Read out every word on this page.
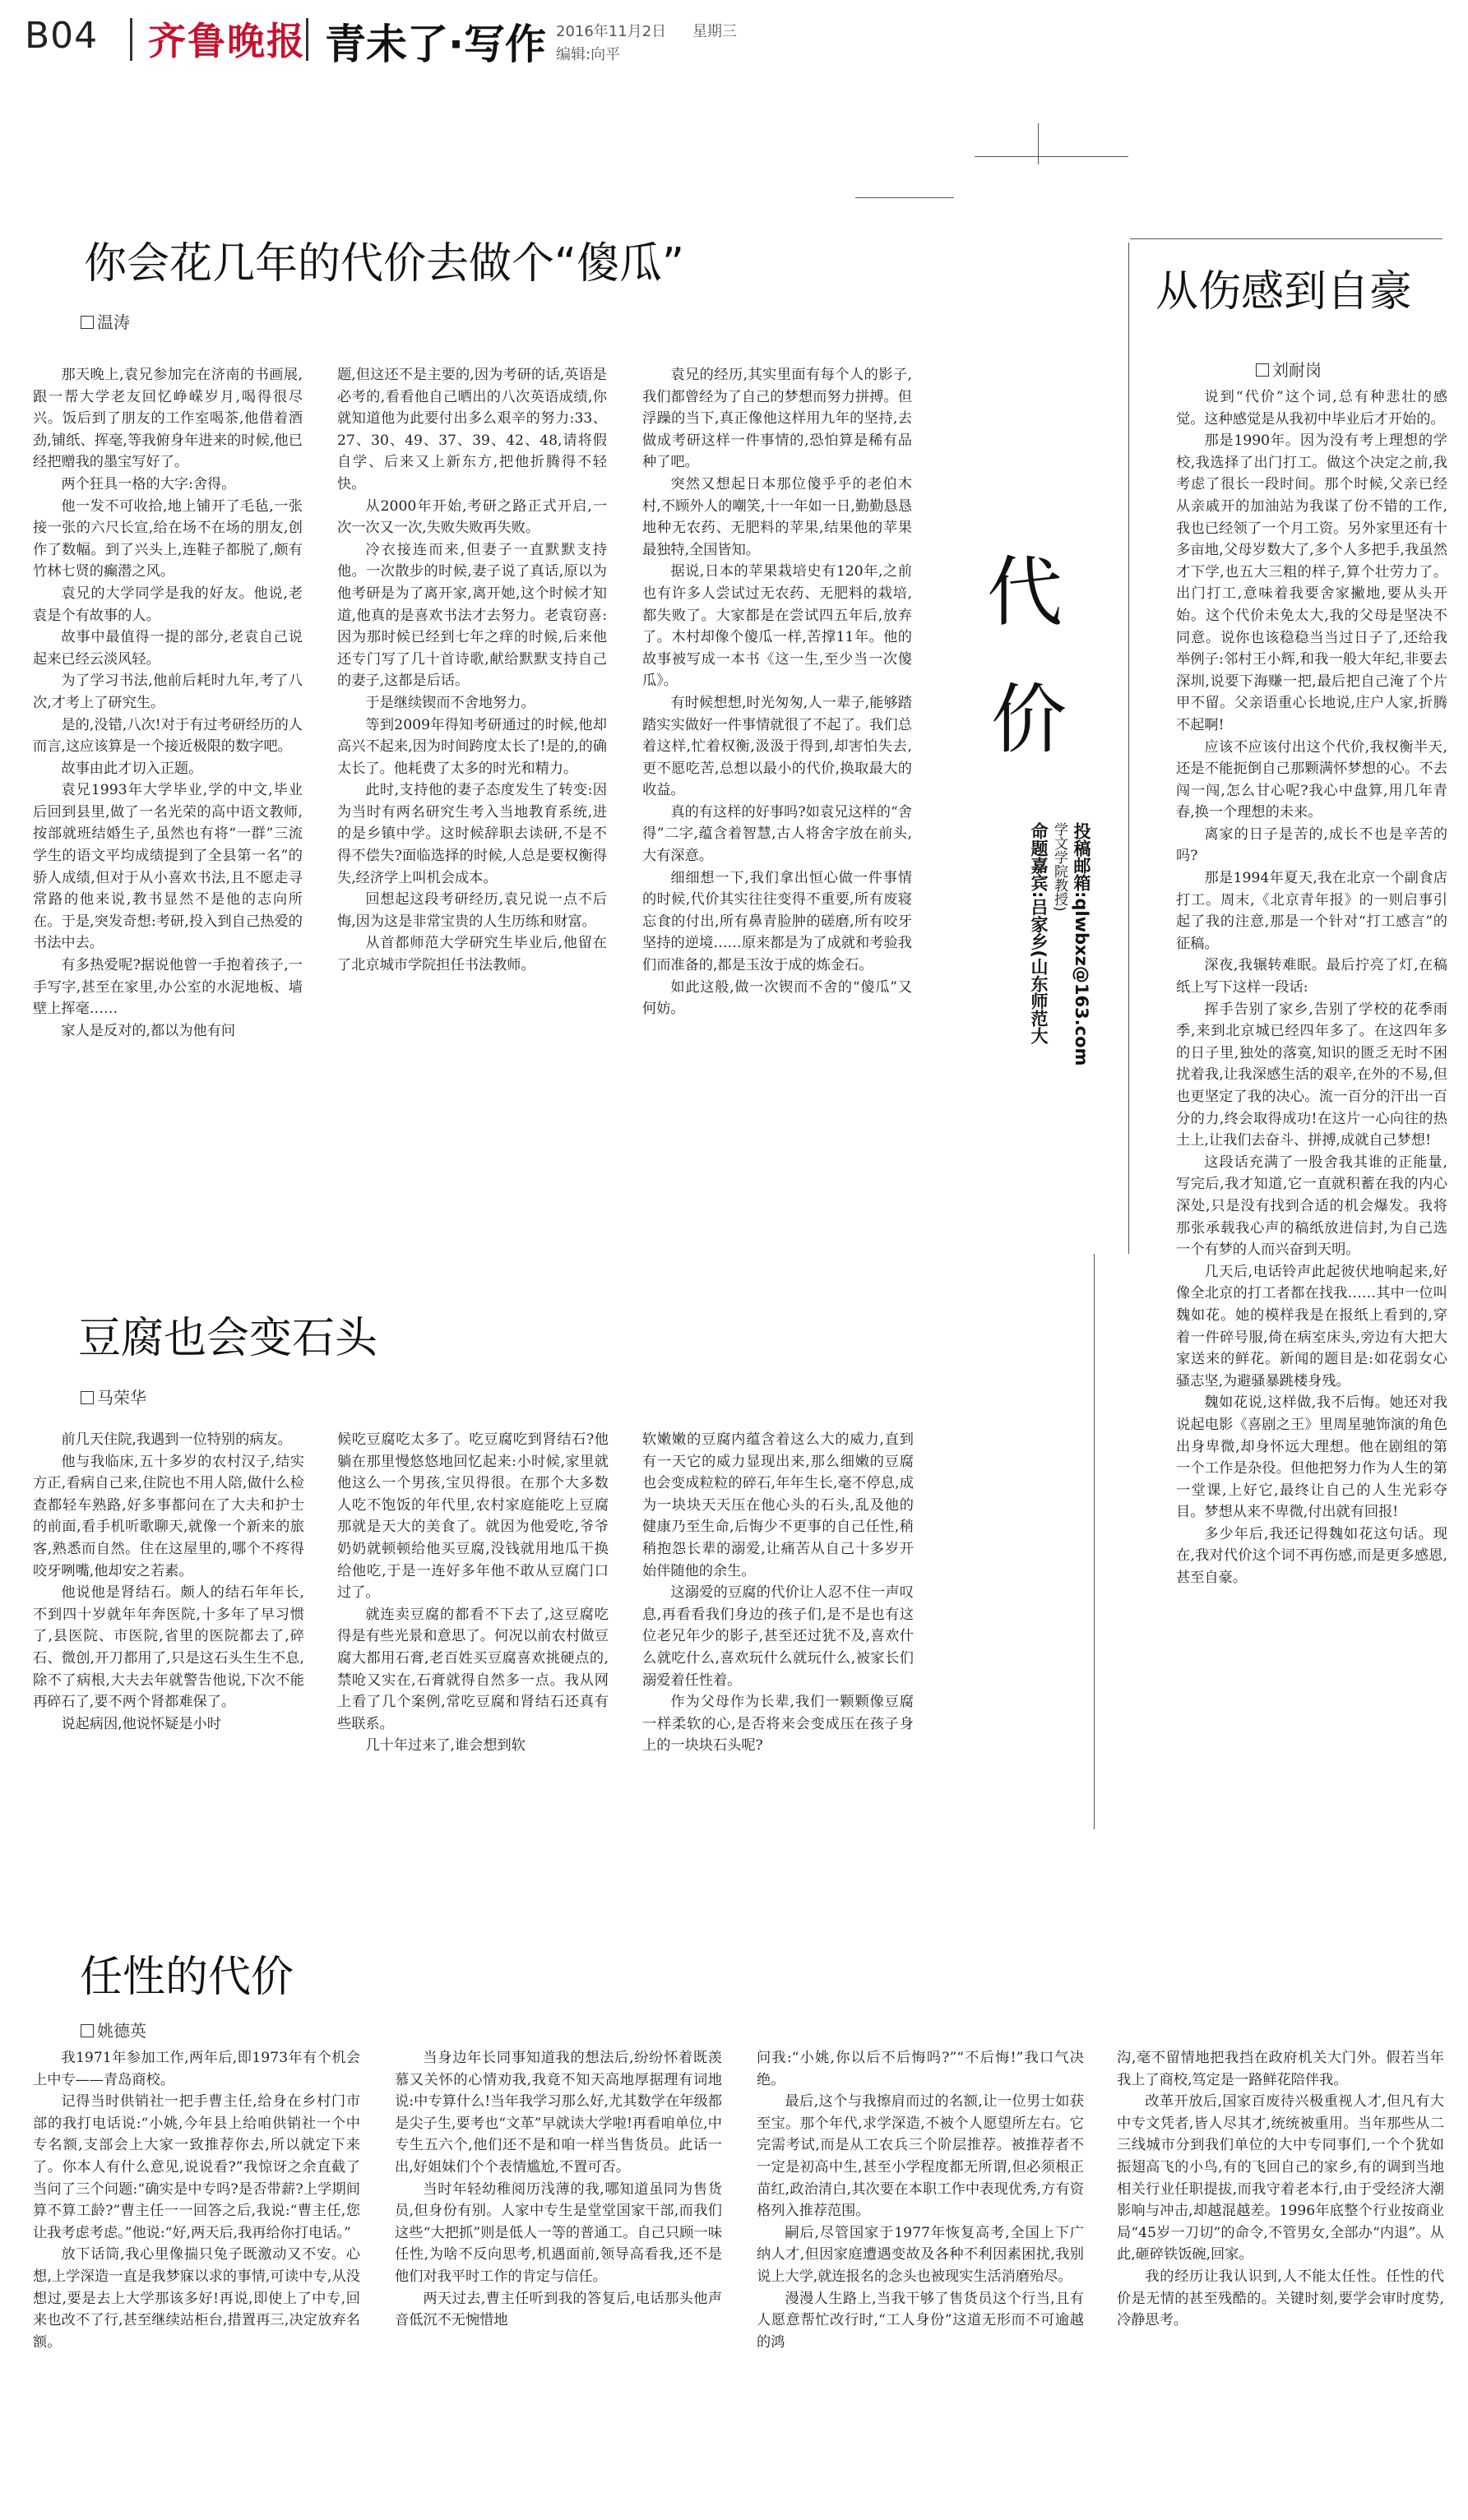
B04 齐鲁晚报 青未了·写作 2016年11月2日 星期三
编辑:向平
代
价
投稿邮箱:qlwbxz@163.com
学文学院教授)
命题嘉宾:吕家乡(山东师范大
你会花几年的代价去做个“傻瓜”
温涛

那天晚上,袁兄参加完在济南的书画展,跟一帮大学老友回忆峥嵘岁月,喝得很尽兴。饭后到了朋友的工作室喝茶,他借着酒劲,铺纸、挥毫,等我俯身年进来的时候,他已经把赠我的墨宝写好了。

两个狂具一格的大字:舍得。

他一发不可收拾,地上铺开了毛毡,一张接一张的六尺长宣,给在场不在场的朋友,创作了数幅。到了兴头上,连鞋子都脱了,颇有竹林七贤的癫潜之风。

袁兄的大学同学是我的好友。他说,老袁是个有故事的人。

故事中最值得一提的部分,老袁自己说起来已经云淡风轻。

为了学习书法,他前后耗时九年,考了八次,才考上了研究生。

是的,没错,八次!对于有过考研经历的人而言,这应该算是一个接近极限的数字吧。

故事由此才切入正题。

袁兄1993年大学毕业,学的中文,毕业后回到县里,做了一名光荣的高中语文教师,按部就班结婚生子,虽然也有将“一群”三流学生的语文平均成绩提到了全县第一名”的骄人成绩,但对于从小喜欢书法,且不愿走寻常路的他来说,教书显然不是他的志向所在。于是,突发奇想:考研,投入到自己热爱的书法中去。

有多热爱呢?据说他曾一手抱着孩子,一手写字,甚至在家里,办公室的水泥地板、墙壁上挥毫……

家人是反对的,都以为他有问

题,但这还不是主要的,因为考研的话,英语是必考的,看看他自己晒出的八次英语成绩,你就知道他为此要付出多么艰辛的努力:33、27、30、49、37、39、42、48,请将假自学、后来又上新东方,把他折腾得不轻快。

从2000年开始,考研之路正式开启,一次一次又一次,失败失败再失败。

冷衣接连而来,但妻子一直默默支持他。一次散步的时候,妻子说了真话,原以为他考研是为了离开家,离开她,这个时候才知道,他真的是喜欢书法才去努力。老袁窃喜:因为那时候已经到七年之痒的时候,后来他还专门写了几十首诗歌,献给默默支持自己的妻子,这都是后话。

于是继续锲而不舍地努力。

等到2009年得知考研通过的时候,他却高兴不起来,因为时间跨度太长了!是的,的确太长了。他耗费了太多的时光和精力。

此时,支持他的妻子态度发生了转变:因为当时有两名研究生考入当地教育系统,进的是乡镇中学。这时候辞职去读研,不是不得不偿失?面临选择的时候,人总是要权衡得失,经济学上叫机会成本。

回想起这段考研经历,袁兄说一点不后悔,因为这是非常宝贵的人生历练和财富。

从首都师范大学研究生毕业后,他留在了北京城市学院担任书法教师。

袁兄的经历,其实里面有每个人的影子,我们都曾经为了自己的梦想而努力拼搏。但浮躁的当下,真正像他这样用九年的坚持,去做成考研这样一件事情的,恐怕算是稀有品种了吧。

突然又想起日本那位傻乎乎的老伯木村,不顾外人的嘲笑,十一年如一日,勤勤恳恳地种无农药、无肥料的苹果,结果他的苹果最独特,全国皆知。

据说,日本的苹果栽培史有120年,之前也有许多人尝试过无农药、无肥料的栽培,都失败了。大家都是在尝试四五年后,放弃了。木村却像个傻瓜一样,苦撑11年。他的故事被写成一本书《这一生,至少当一次傻瓜》。

有时候想想,时光匆匆,人一辈子,能够踏踏实实做好一件事情就很了不起了。我们总着这样,忙着权衡,汲汲于得到,却害怕失去,更不愿吃苦,总想以最小的代价,换取最大的收益。

真的有这样的好事吗?如袁兄这样的“舍得”二字,蕴含着智慧,古人将舍字放在前头,大有深意。

细细想一下,我们拿出恒心做一件事情的时候,代价其实往往变得不重要,所有废寝忘食的付出,所有鼻青脸肿的磋磨,所有咬牙坚持的逆境……原来都是为了成就和考验我们而准备的,都是玉汝于成的炼金石。

如此这般,做一次锲而不舍的“傻瓜”又何妨。

从伤感到自豪
刘耐岗

说到“代价”这个词,总有种悲壮的感觉。这种感觉是从我初中毕业后才开始的。

那是1990年。因为没有考上理想的学校,我选择了出门打工。做这个决定之前,我考虑了很长一段时间。那个时候,父亲已经从亲戚开的加油站为我谋了份不错的工作,我也已经领了一个月工资。另外家里还有十多亩地,父母岁数大了,多个人多把手,我虽然才下学,也五大三粗的样子,算个壮劳力了。出门打工,意味着我要舍家撇地,要从头开始。这个代价未免太大,我的父母是坚决不同意。说你也该稳稳当当过日子了,还给我举例子:邻村王小辉,和我一般大年纪,非要去深圳,说要下海赚一把,最后把自己淹了个片甲不留。父亲语重心长地说,庄户人家,折腾不起啊!

应该不应该付出这个代价,我权衡半天,还是不能扼倒自己那颗满怀梦想的心。不去闯一闯,怎么甘心呢?我心中盘算,用几年青春,换一个理想的未来。

离家的日子是苦的,成长不也是辛苦的吗?

那是1994年夏天,我在北京一个副食店打工。周末,《北京青年报》的一则启事引起了我的注意,那是一个针对“打工感言”的征稿。

深夜,我辗转难眠。最后拧亮了灯,在稿纸上写下这样一段话:

挥手告别了家乡,告别了学校的花季雨季,来到北京城已经四年多了。在这四年多的日子里,独处的落寞,知识的匮乏无时不困扰着我,让我深感生活的艰辛,在外的不易,但也更坚定了我的决心。流一百分的汗出一百分的力,终会取得成功!在这片一心向往的热土上,让我们去奋斗、拼搏,成就自己梦想!

这段话充满了一股舍我其谁的正能量,写完后,我才知道,它一直就积蓄在我的内心深处,只是没有找到合适的机会爆发。我将那张承载我心声的稿纸放进信封,为自己选一个有梦的人而兴奋到天明。

几天后,电话铃声此起彼伏地响起来,好像全北京的打工者都在找我……其中一位叫魏如花。她的模样我是在报纸上看到的,穿着一件碎号服,倚在病室床头,旁边有大把大家送来的鲜花。新闻的题目是:如花弱女心骚志坚,为避骚暴跳楼身残。

魏如花说,这样做,我不后悔。她还对我说起电影《喜剧之王》里周星驰饰演的角色出身卑微,却身怀远大理想。他在剧组的第一个工作是杂役。但他把努力作为人生的第一堂课,上好它,最终让自己的人生光彩夺目。梦想从来不卑微,付出就有回报!

多少年后,我还记得魏如花这句话。现在,我对代价这个词不再伤感,而是更多感恩,甚至自豪。

豆腐也会变石头
马荣华

前几天住院,我遇到一位特别的病友。

他与我临床,五十多岁的农村汉子,结实方正,看病自己来,住院也不用人陪,做什么检查都轻车熟路,好多事都问在了大夫和护士的前面,看手机听歌聊天,就像一个新来的旅客,熟悉而自然。住在这屋里的,哪个不疼得咬牙咧嘴,他却安之若素。

他说他是肾结石。颇人的结石年年长,不到四十岁就年年奔医院,十多年了早习惯了,县医院、市医院,省里的医院都去了,碎石、微创,开刀都用了,只是这石头生生不息,除不了病根,大夫去年就警告他说,下次不能再碎石了,要不两个肾都难保了。

说起病因,他说怀疑是小时

候吃豆腐吃太多了。吃豆腐吃到肾结石?他躺在那里慢悠悠地回忆起来:小时候,家里就他这么一个男孩,宝贝得很。在那个大多数人吃不饱饭的年代里,农村家庭能吃上豆腐那就是天大的美食了。就因为他爱吃,爷爷奶奶就顿顿给他买豆腐,没钱就用地瓜干换给他吃,于是一连好多年他不敢从豆腐门口过了。

就连卖豆腐的都看不下去了,这豆腐吃得是有些光景和意思了。何况以前农村做豆腐大都用石膏,老百姓买豆腐喜欢挑硬点的,禁呛又实在,石膏就得自然多一点。我从网上看了几个案例,常吃豆腐和肾结石还真有些联系。

几十年过来了,谁会想到软

软嫩嫩的豆腐内蕴含着这么大的威力,直到有一天它的威力显现出来,那么细嫩的豆腐也会变成粒粒的碎石,年年生长,毫不停息,成为一块块天天压在他心头的石头,乱及他的健康乃至生命,后悔少不更事的自己任性,稍稍抱怨长辈的溺爱,让痛苦从自己十多岁开始伴随他的余生。

这溺爱的豆腐的代价让人忍不住一声叹息,再看看我们身边的孩子们,是不是也有这位老兄年少的影子,甚至还过犹不及,喜欢什么就吃什么,喜欢玩什么就玩什么,被家长们溺爱着任性着。

作为父母作为长辈,我们一颗颗像豆腐一样柔软的心,是否将来会变成压在孩子身上的一块块石头呢?

任性的代价
姚德英

我1971年参加工作,两年后,即1973年有个机会上中专——青岛商校。

记得当时供销社一把手曹主任,给身在乡村门市部的我打电话说:“小姚,今年县上给咱供销社一个中专名额,支部会上大家一致推荐你去,所以就定下来了。你本人有什么意见,说说看?”我惊讶之余直截了当问了三个问题:“确实是中专吗?是否带薪?上学期间算不算工龄?”曹主任一一回答之后,我说:“曹主任,您让我考虑考虑。”他说:“好,两天后,我再给你打电话。”

放下话筒,我心里像揣只兔子既激动又不安。心想,上学深造一直是我梦寐以求的事情,可读中专,从没想过,要是去上大学那该多好!再说,即使上了中专,回来也改不了行,甚至继续站柜台,措置再三,决定放弃名额。

当身边年长同事知道我的想法后,纷纷怀着既羡慕又关怀的心情劝我,我竟不知天高地厚据理有词地说:中专算什么!当年我学习那么好,尤其数学在年级都是尖子生,要考也“文革”早就读大学啦!再看咱单位,中专生五六个,他们还不是和咱一样当售货员。此话一出,好姐妹们个个表情尴尬,不置可否。

当时年轻幼稚阅历浅薄的我,哪知道虽同为售货员,但身份有别。人家中专生是堂堂国家干部,而我们这些“大把抓”则是低人一等的普通工。自己只顾一味任性,为啥不反向思考,机遇面前,领导高看我,还不是他们对我平时工作的肯定与信任。

两天过去,曹主任听到我的答复后,电话那头他声音低沉不无惋惜地

问我:“小姚,你以后不后悔吗?”“不后悔!”我口气决绝。

最后,这个与我擦肩而过的名额,让一位男士如获至宝。那个年代,求学深造,不被个人愿望所左右。它完需考试,而是从工农兵三个阶层推荐。被推荐者不一定是初高中生,甚至小学程度都无所谓,但必须根正苗红,政治清白,其次要在本职工作中表现优秀,方有资格列入推荐范围。

嗣后,尽管国家于1977年恢复高考,全国上下广纳人才,但因家庭遭遇变故及各种不利因素困扰,我别说上大学,就连报名的念头也被现实生活消磨殆尽。

漫漫人生路上,当我干够了售货员这个行当,且有人愿意帮忙改行时,“工人身份”这道无形而不可逾越的鸿

沟,毫不留情地把我挡在政府机关大门外。假若当年我上了商校,笃定是一路鲜花陪伴我。

改革开放后,国家百废待兴极重视人才,但凡有大中专文凭者,皆人尽其才,统统被重用。当年那些从二三线城市分到我们单位的大中专同事们,一个个犹如振翅高飞的小鸟,有的飞回自己的家乡,有的调到当地相关行业任职提拔,而我守着老本行,由于受经济大潮影响与冲击,却越混越差。1996年底整个行业按商业局“45岁一刀切”的命令,不管男女,全部办“内退”。从此,砸碎铁饭碗,回家。

我的经历让我认识到,人不能太任性。任性的代价是无情的甚至残酷的。关键时刻,要学会审时度势,冷静思考。
